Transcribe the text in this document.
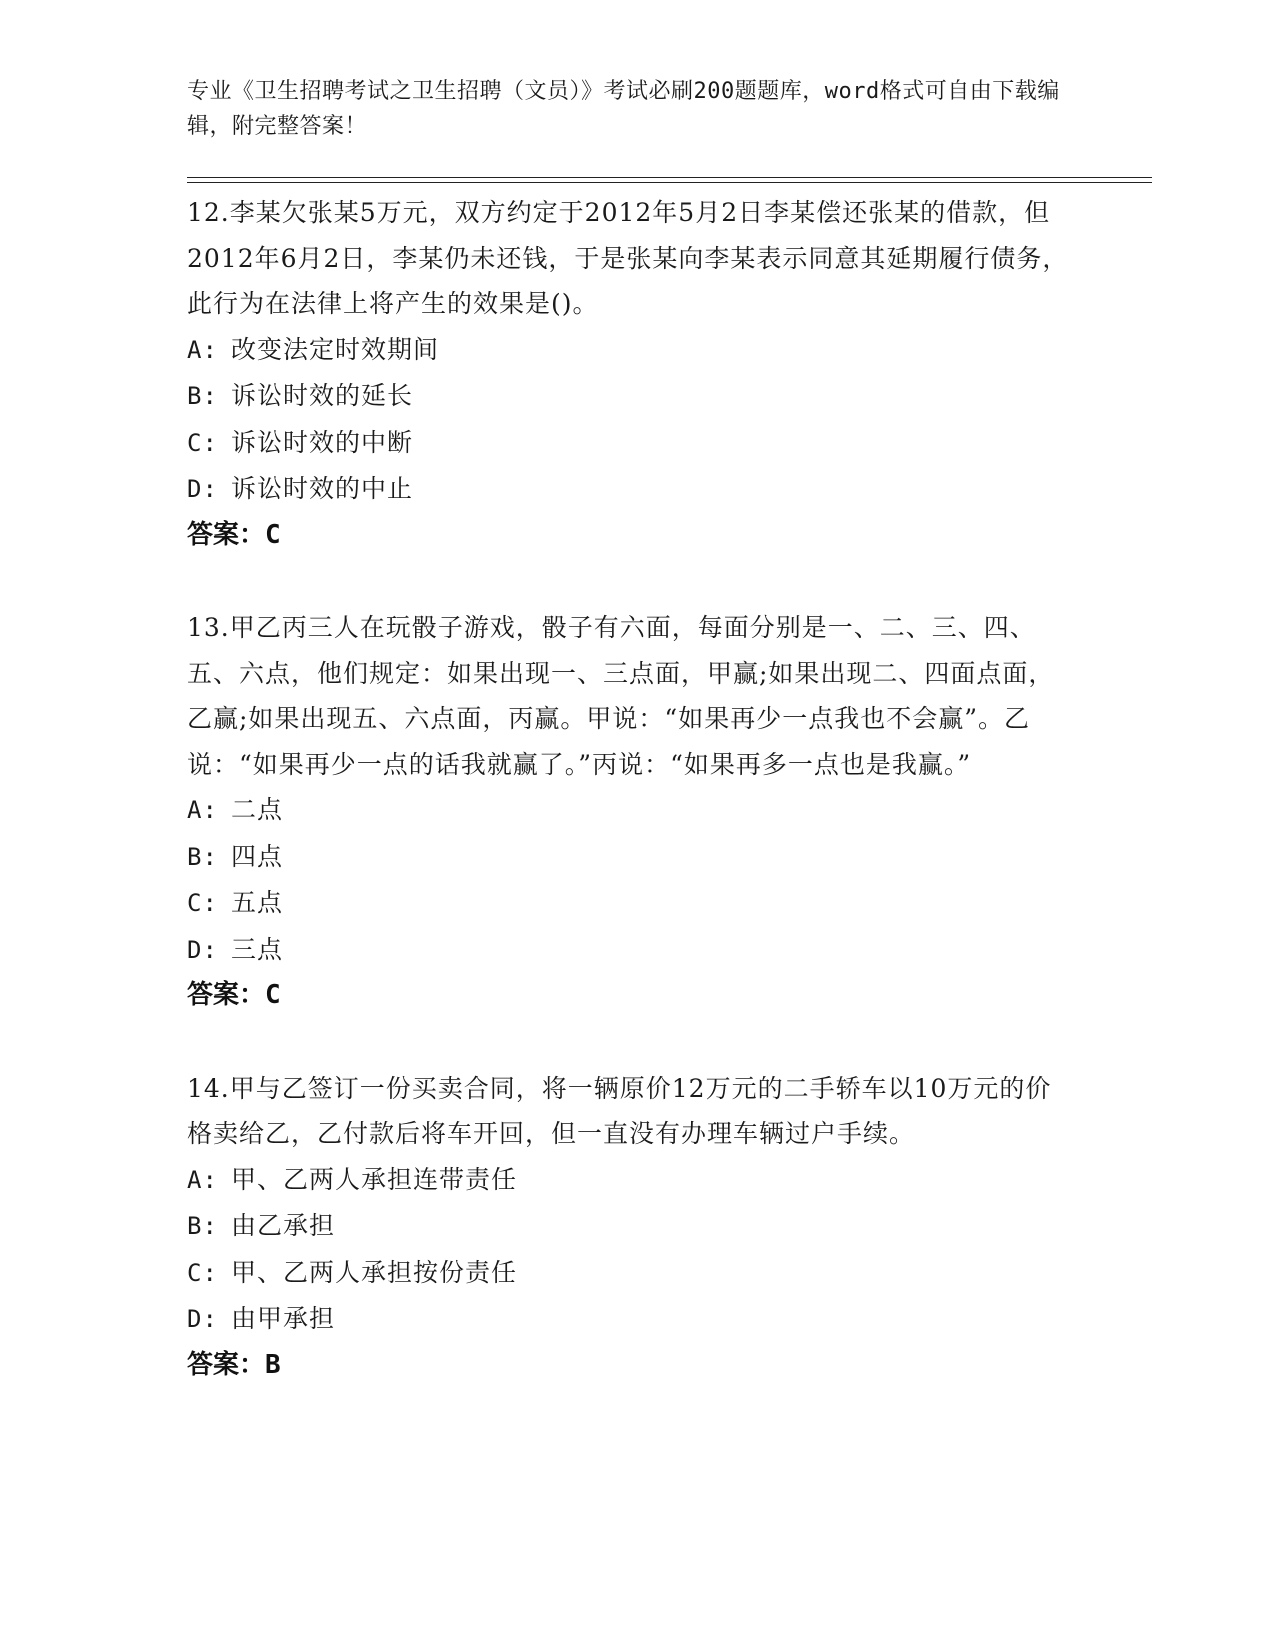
专业《卫生招聘考试之卫生招聘（文员）》考试必刷200题题库，word格式可自由下载编辑，附完整答案！

12.李某欠张某5万元，双方约定于2012年5月2日李某偿还张某的借款，但2012年6月2日，李某仍未还钱，于是张某向李某表示同意其延期履行债务，此行为在法律上将产生的效果是()。

A: 改变法定时效期间
B: 诉讼时效的延长
C: 诉讼时效的中断
D: 诉讼时效的中止
答案：C

13.甲乙丙三人在玩骰子游戏，骰子有六面，每面分别是一、二、三、四、五、六点，他们规定：如果出现一、三点面，甲赢;如果出现二、四面点面，乙赢;如果出现五、六点面，丙赢。甲说：“如果再少一点我也不会赢”。乙说：“如果再少一点的话我就赢了。”丙说：“如果再多一点也是我赢。”

A: 二点
B: 四点
C: 五点
D: 三点
答案：C

14.甲与乙签订一份买卖合同，将一辆原价12万元的二手轿车以10万元的价格卖给乙，乙付款后将车开回，但一直没有办理车辆过户手续。

A: 甲、乙两人承担连带责任
B: 由乙承担
C: 甲、乙两人承担按份责任
D: 由甲承担
答案：B
